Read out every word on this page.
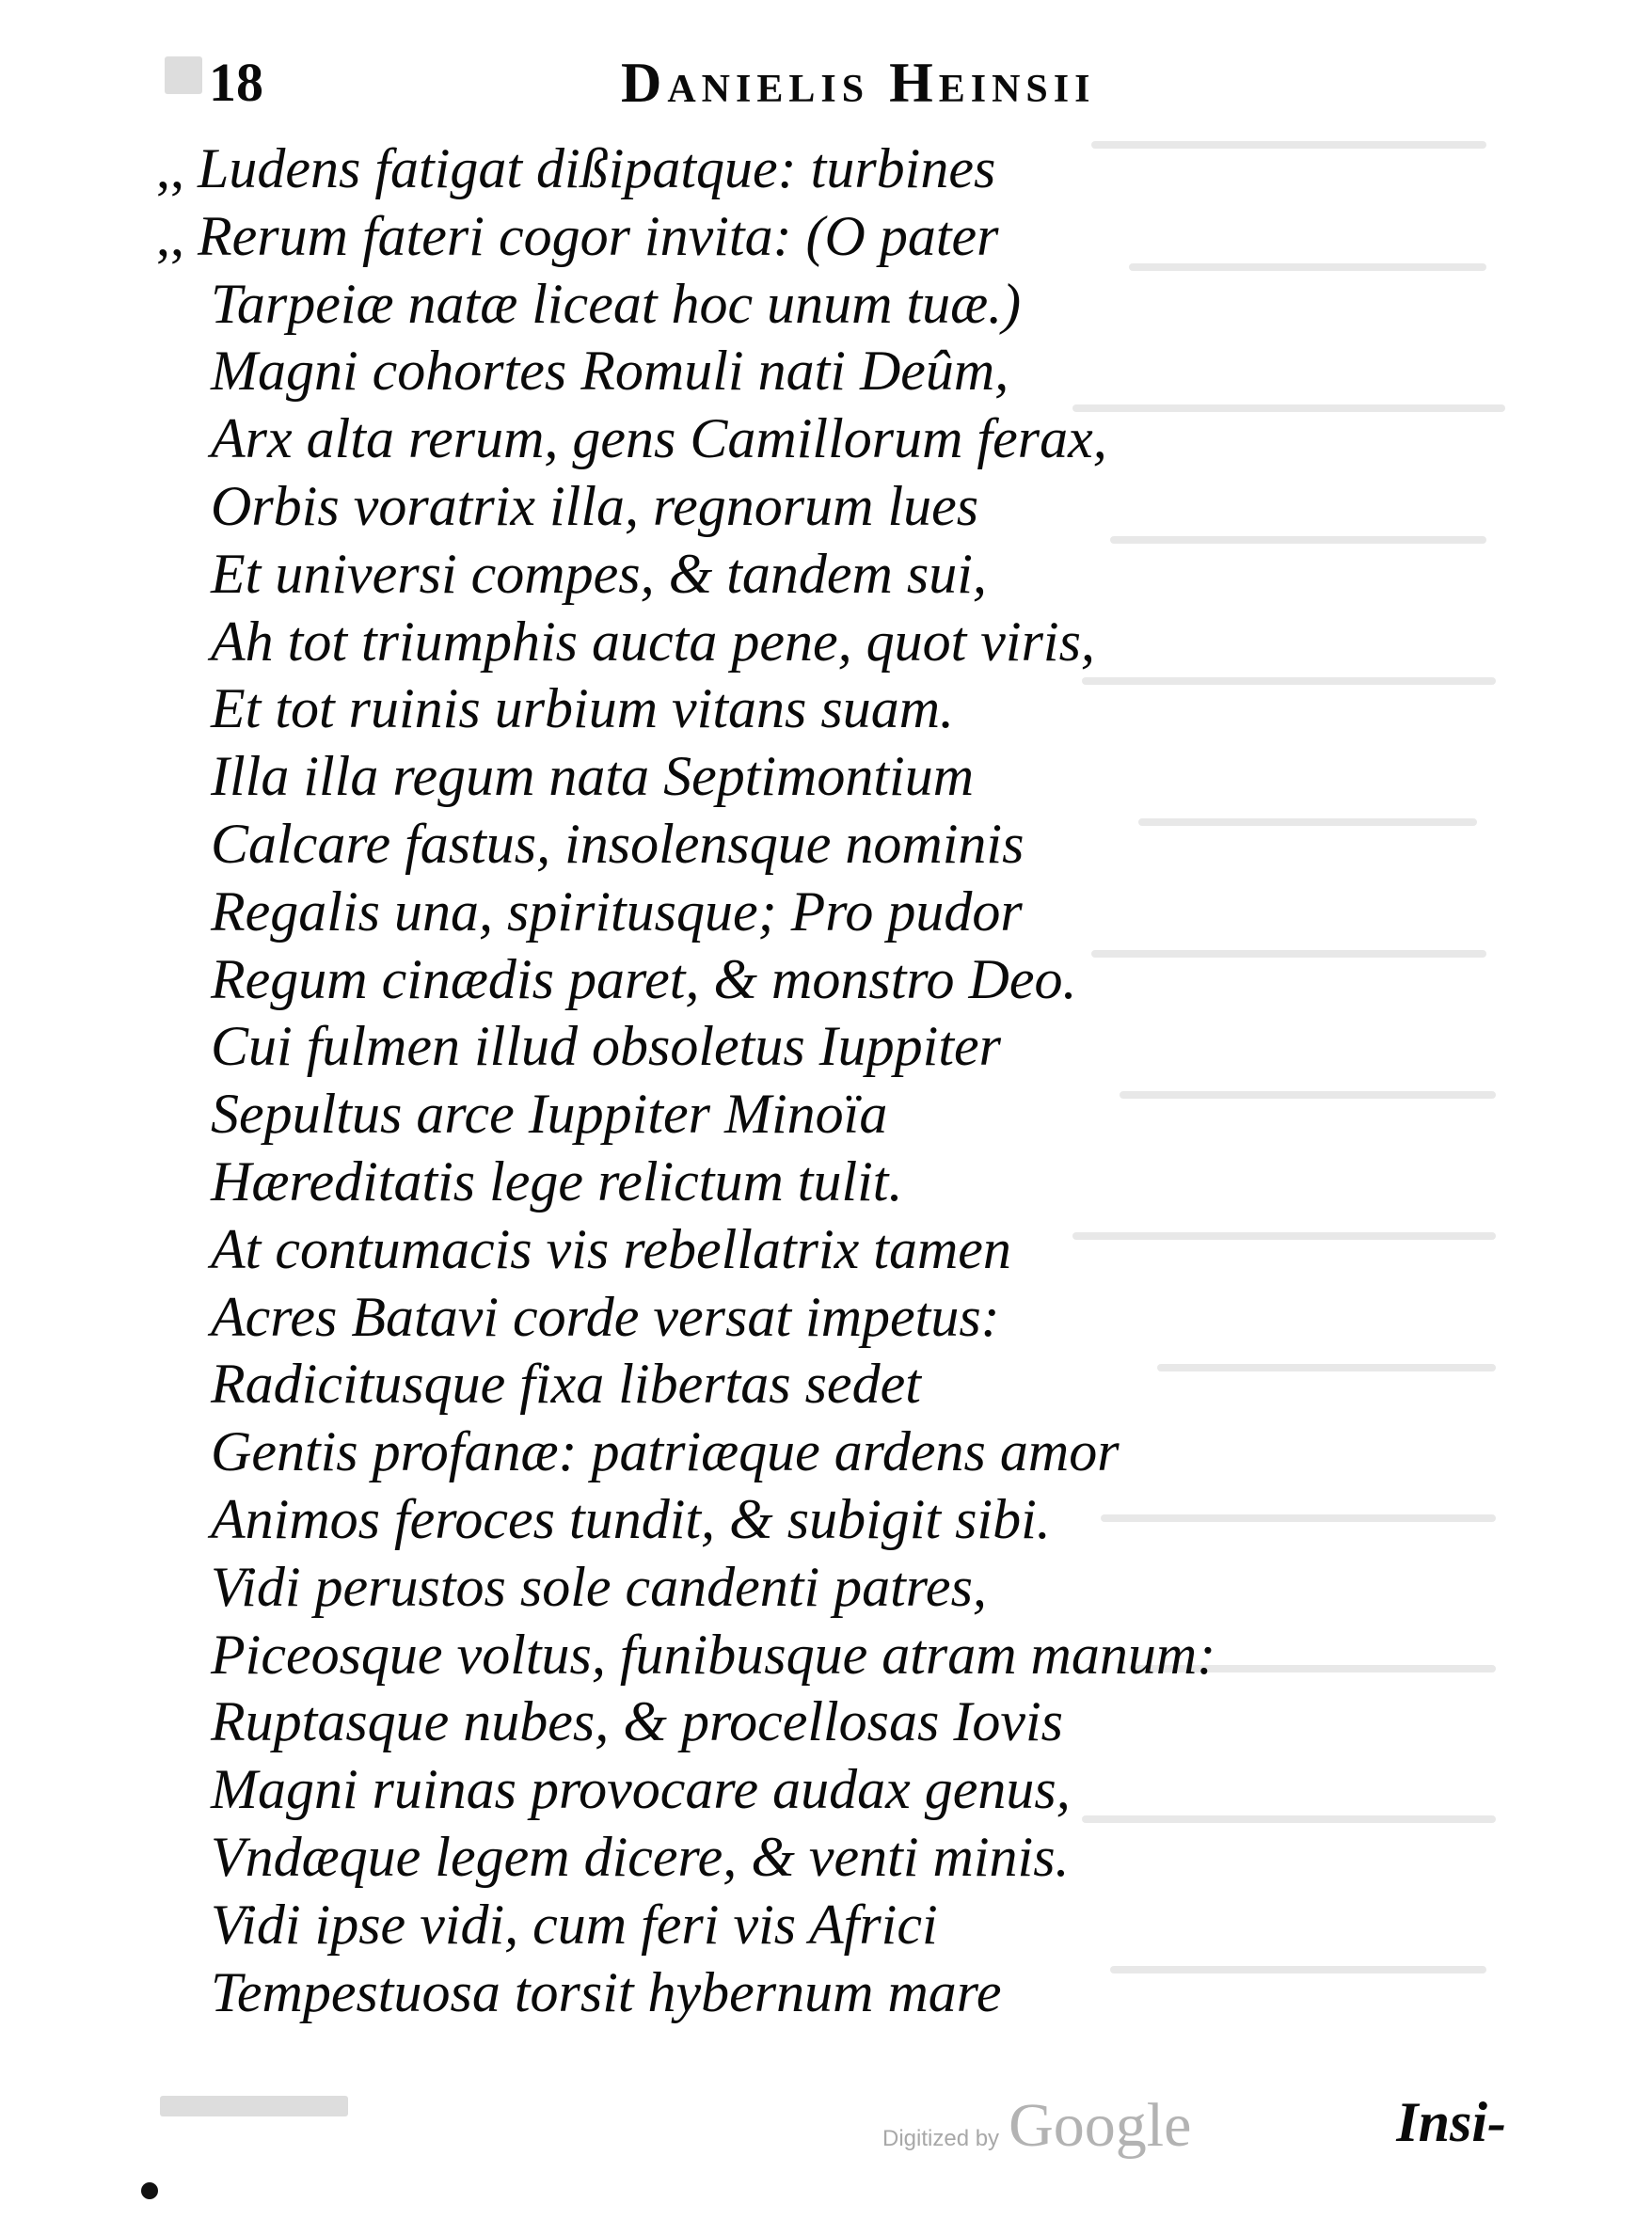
18	Danielis Heinsii
,, Ludens fatigat dißipatque: turbines
,, Rerum fateri cogor invita: (O pater
Tarpeiæ natæ liceat hoc unum tuæ.)
Magni cohortes Romuli nati Deûm,
Arx alta rerum, gens Camillorum ferax,
Orbis voratrix illa, regnorum lues
Et universi compes, & tandem sui,
Ah tot triumphis aucta pene, quot viris,
Et tot ruinis urbium vitans suam.
Illa illa regum nata Septimontium
Calcare fastus, insolensque nominis
Regalis una, spiritusque; Pro pudor
Regum cinædis paret, & monstro Deo.
Cui fulmen illud obsoletus Iuppiter
Sepultus arce Iuppiter Minoïa
Hæreditatis lege relictum tulit.
At contumacis vis rebellatrix tamen
Acres Batavi corde versat impetus:
Radicitusque fixa libertas sedet
Gentis profanæ: patriæque ardens amor
Animos feroces tundit, & subigit sibi.
Vidi perustos sole candenti patres,
Piceosque voltus, funibusque atram manum:
Ruptasque nubes, & procellosas Iovis
Magni ruinas provocare audax genus,
Vndæque legem dicere, & venti minis.
Vidi ipse vidi, cum feri vis Africi
Tempestuosa torsit hybernum mare
Digitized by Google	Insi-
